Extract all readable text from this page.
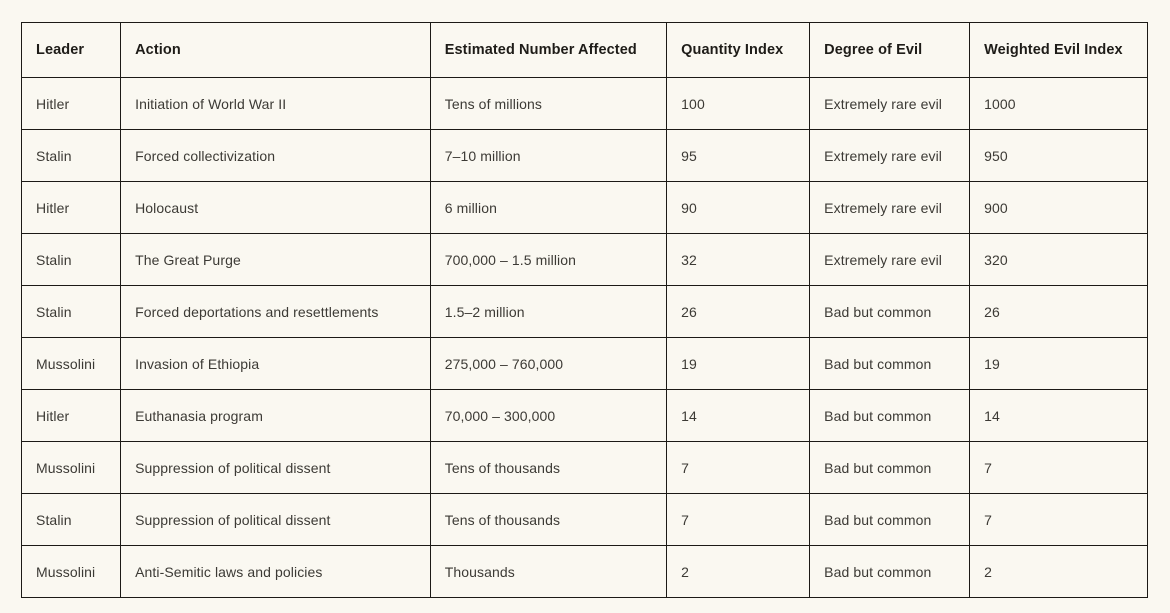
Leader	Action	Estimated Number Affected	Quantity Index	Degree of Evil	Weighted Evil Index
Hitler	Initiation of World War II	Tens of millions	100	Extremely rare evil	1000
Stalin	Forced collectivization	7–10 million	95	Extremely rare evil	950
Hitler	Holocaust	6 million	90	Extremely rare evil	900
Stalin	The Great Purge	700,000 – 1.5 million	32	Extremely rare evil	320
Stalin	Forced deportations and resettlements	1.5–2 million	26	Bad but common	26
Mussolini	Invasion of Ethiopia	275,000 – 760,000	19	Bad but common	19
Hitler	Euthanasia program	70,000 – 300,000	14	Bad but common	14
Mussolini	Suppression of political dissent	Tens of thousands	7	Bad but common	7
Stalin	Suppression of political dissent	Tens of thousands	7	Bad but common	7
Mussolini	Anti-Semitic laws and policies	Thousands	2	Bad but common	2
